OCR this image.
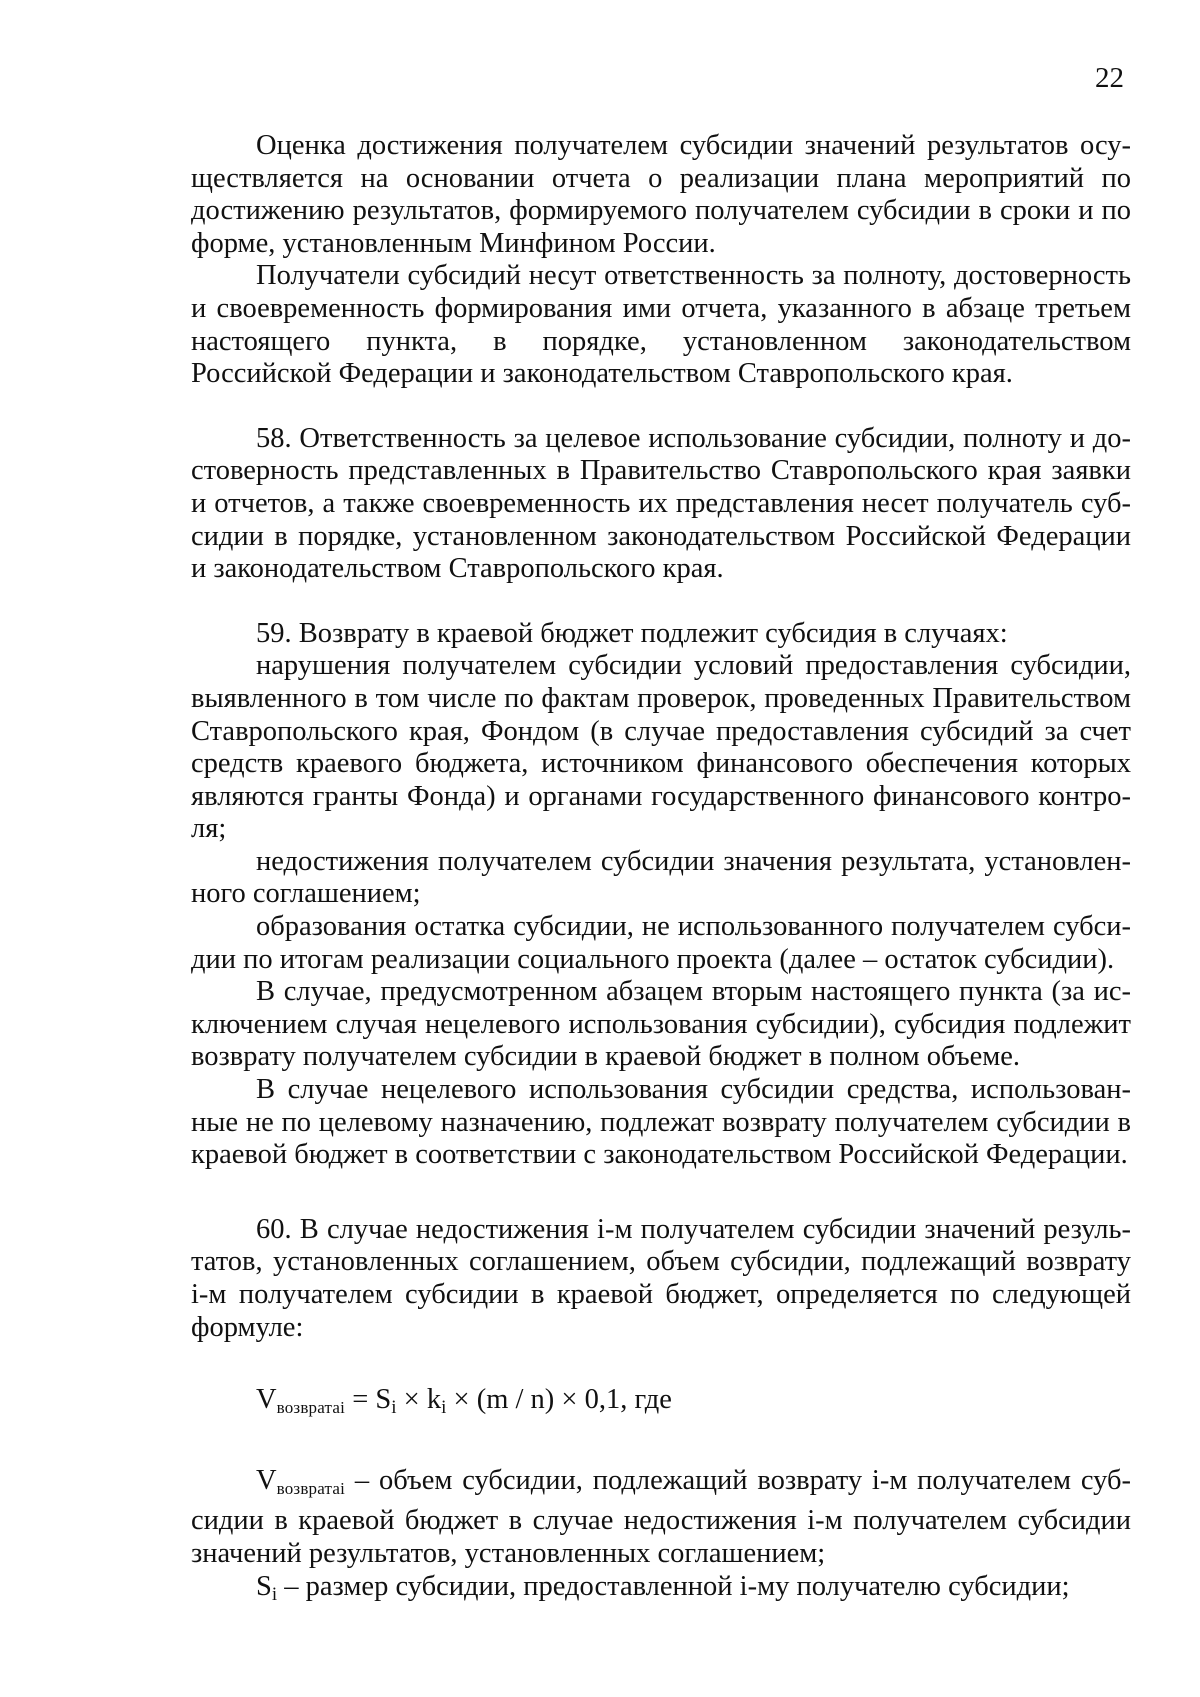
22

Оценка достижения получателем субсидии значений результатов осуществляется на основании отчета о реализации плана мероприятий по достижению результатов, формируемого получателем субсидии в сроки и по форме, установленным Минфином России.

Получатели субсидий несут ответственность за полноту, достоверность и своевременность формирования ими отчета, указанного в абзаце третьем настоящего пункта, в порядке, установленном законодательством Российской Федерации и законодательством Ставропольского края.

58. Ответственность за целевое использование субсидии, полноту и достоверность представленных в Правительство Ставропольского края заявки и отчетов, а также своевременность их представления несет получатель субсидии в порядке, установленном законодательством Российской Федерации и законодательством Ставропольского края.

59. Возврату в краевой бюджет подлежит субсидия в случаях:

нарушения получателем субсидии условий предоставления субсидии, выявленного в том числе по фактам проверок, проведенных Правительством Ставропольского края, Фондом (в случае предоставления субсидий за счет средств краевого бюджета, источником финансового обеспечения которых являются гранты Фонда) и органами государственного финансового контроля;

недостижения получателем субсидии значения результата, установленного соглашением;

образования остатка субсидии, не использованного получателем субсидии по итогам реализации социального проекта (далее – остаток субсидии).

В случае, предусмотренном абзацем вторым настоящего пункта (за исключением случая нецелевого использования субсидии), субсидия подлежит возврату получателем субсидии в краевой бюджет в полном объеме.

В случае нецелевого использования субсидии средства, использованные не по целевому назначению, подлежат возврату получателем субсидии в краевой бюджет в соответствии с законодательством Российской Федерации.

60. В случае недостижения i-м получателем субсидии значений результатов, установленных соглашением, объем субсидии, подлежащий возврату i-м получателем субсидии в краевой бюджет, определяется по следующей формуле:

$V_{возвратаi} = Si$ × ki × (m / n) × 0,1, где

$V_{возвратаi}$ – объем субсидии, подлежащий возврату i-м получателем субсидии в краевой бюджет в случае недостижения i-м получателем субсидии значений результатов, установленных соглашением;

Si – размер субсидии, предоставленной i-му получателю субсидии;
